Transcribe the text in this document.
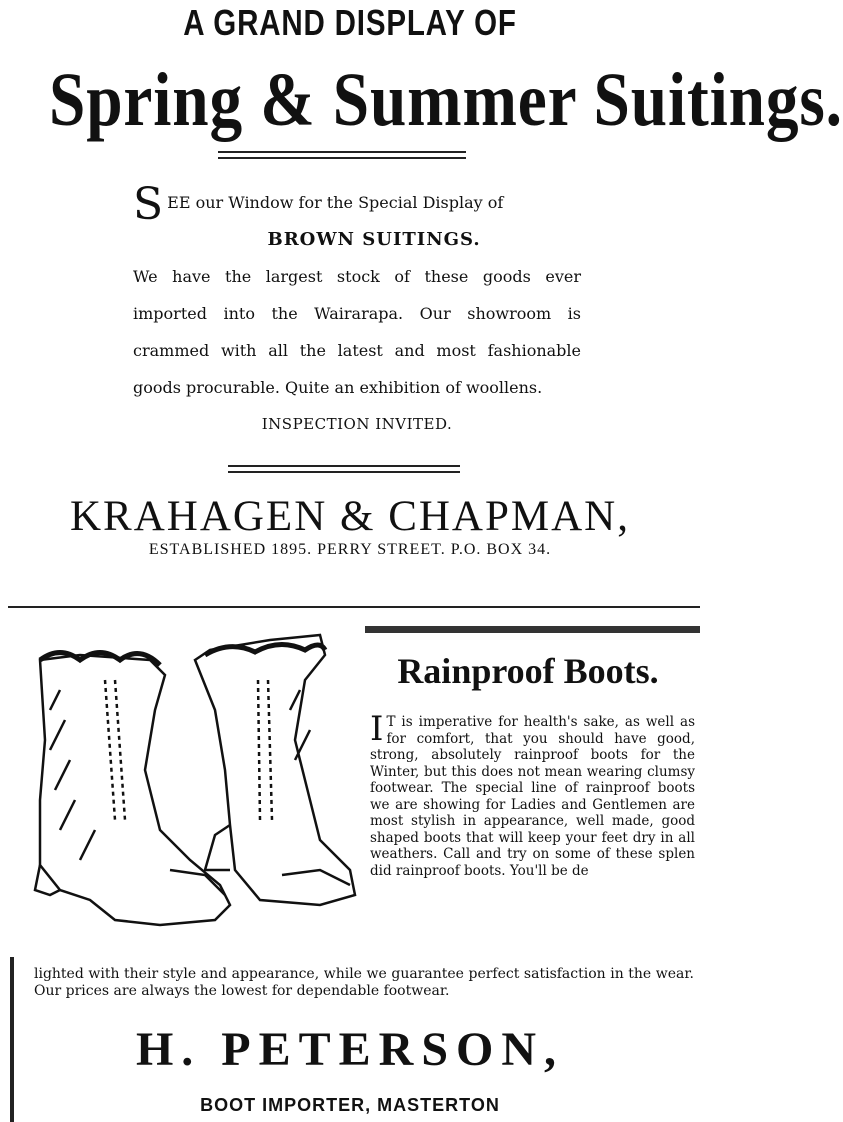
A GRAND DISPLAY OF
Spring & Summer Suitings.
S EE our Window for the Special Display of
BROWN SUITINGS.
We have the largest stock of these goods ever imported into the Wairarapa. Our showroom is crammed with all the latest and most fashionable goods procurable. Quite an exhibition of woollens.
INSPECTION INVITED.
KRAHAGEN & CHAPMAN,
ESTABLISHED 1895. PERRY STREET. P.O. BOX 34.
Rainproof Boots.
I T is imperative for health's sake, as well as for comfort, that you should have good, strong, absolutely rainproof boots for the Winter, but this does not mean wearing clumsy footwear. The special line of rainproof boots we are showing for Ladies and Gentlemen are most stylish in appearance, well made, good shaped boots that will keep your feet dry in all weathers. Call and try on some of these splen did rainproof boots. You'll be de
lighted with their style and appearance, while we guarantee perfect satisfaction in the wear. Our prices are always the lowest for dependable footwear.
H. PETERSON,
BOOT IMPORTER, MASTERTON
